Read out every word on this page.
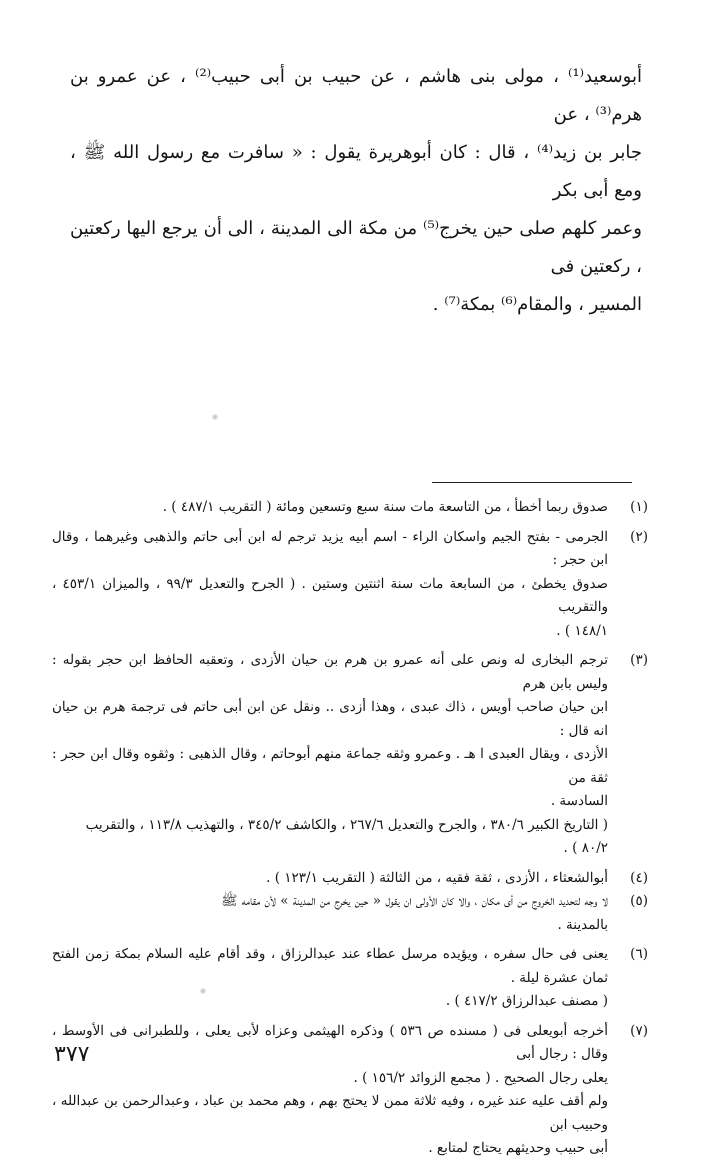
أبوسعيد⁽¹⁾ ، مولى بنى هاشم ، عن حبيب بن أبى حبيب⁽²⁾ ، عن عمرو بن هرم⁽³⁾ ، عن
جابر بن زيد⁽⁴⁾ ، قال : كان أبوهريرة يقول : « سافرت مع رسول الله ﷺ ، ومع أبى بكر
وعمر كلهم صلى حين يخرج⁽⁵⁾ من مكة الى المدينة ، الى أن يرجع اليها ركعتين ، ركعتين فى
المسير ، والمقام⁽⁶⁾ بمكة⁽⁷⁾ .
(١)
صدوق ربما أخطأ ، من التاسعة مات سنة سبع وتسعين ومائة ( التقريب ٤٨٧/١ ) .
(٢)
الجرمى - بفتح الجيم واسكان الراء - اسم أبيه يزيد ترجم له ابن أبى حاتم والذهبى وغيرهما ، وقال ابن حجر :
صدوق يخطئ ، من السابعة مات سنة اثنتين وستين . ( الجرح والتعديل ٩٩/٣ ، والميزان ٤٥٣/١ ، والتقريب
١٤٨/١ ) .
(٣)
ترجم البخارى له ونص على أنه عمرو بن هرم بن حيان الأزدى ، وتعقبه الحافظ ابن حجر بقوله : وليس بابن هرم
ابن حيان صاحب أويس ، ذاك عبدى ، وهذا أزدى .. ونقل عن ابن أبى حاتم فى ترجمة هرم بن حيان انه قال :
الأزدى ، ويقال العبدى ا هـ . وعمرو وثقه جماعة منهم أبوحاتم ، وقال الذهبى : وثقوه وقال ابن حجر : ثقة من
السادسة .
( التاريخ الكبير ٣٨٠/٦ ، والجرح والتعديل ٢٦٧/٦ ، والكاشف ٣٤٥/٢ ، والتهذيب ١١٣/٨ ، والتقريب
٨٠/٢ ) .
(٤)
أبوالشعثاء ، الأزدى ، ثقة فقيه ، من الثالثة ( التقريب ١٢٣/١ ) .
(٥)
لا وجه لتحديد الخروج من أى مكان ، والا كان الأولى ان يقول « حين يخرج من المدينة » لأن مقامه ﷺ
بالمدينة .
(٦)
يعنى فى حال سفره ، ويؤيده مرسل عطاء عند عبدالرزاق ، وقد أقام عليه السلام بمكة زمن الفتح ثمان عشرة ليلة .
( مصنف عبدالرزاق ٤١٧/٢ ) .
(٧)
أخرجه أبويعلى فى ( مسنده ص ٥٣٦ ) وذكره الهيثمى وعزاه لأبى يعلى ، وللطبرانى فى الأوسط ، وقال : رجال أبى
يعلى رجال الصحيح . ( مجمع الزوائد ١٥٦/٢ ) .
ولم أقف عليه عند غيره ، وفيه ثلاثة ممن لا يحتج بهم ، وهم محمد بن عباد ، وعبدالرحمن بن عبدالله ، وحبيب ابن
أبى حبيب وحديثهم يحتاج لمتابع .
٣٧٧
